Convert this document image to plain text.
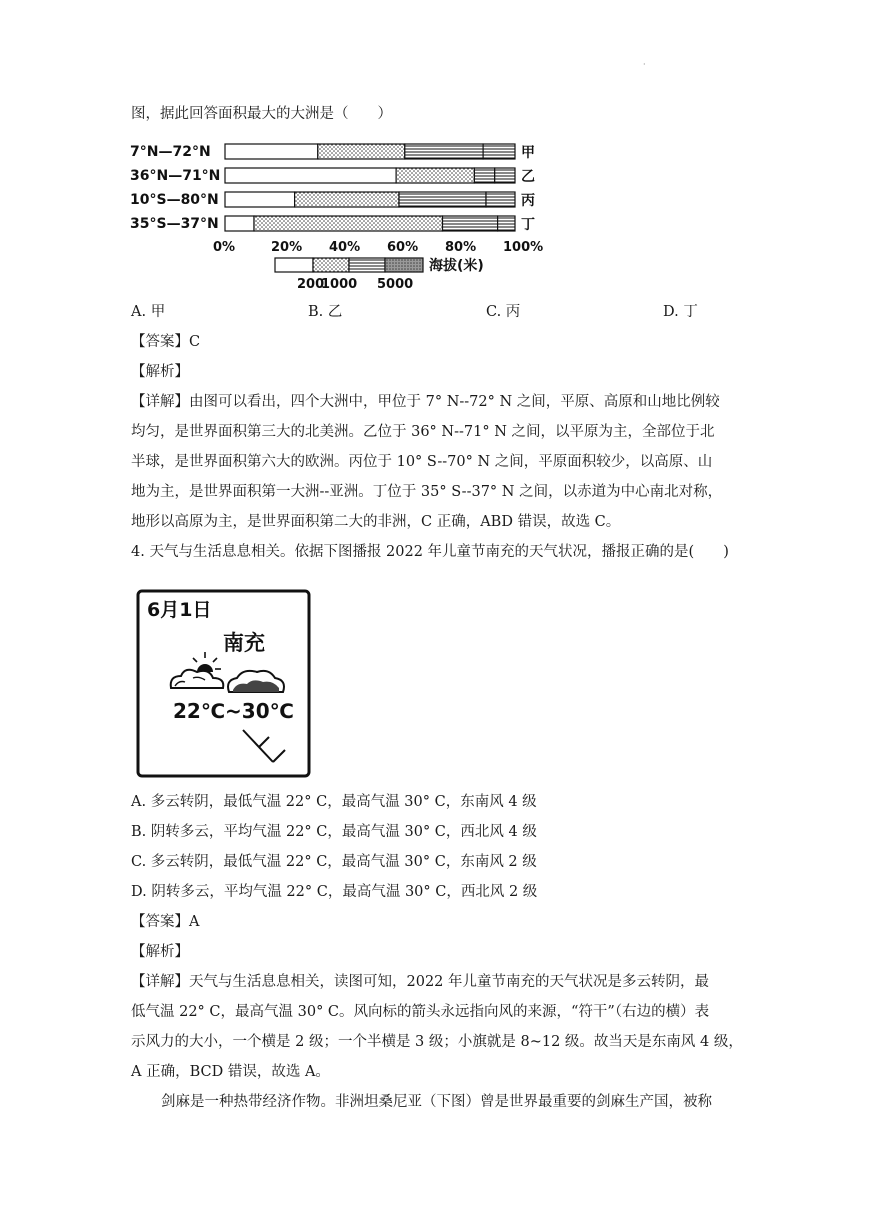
·
图，据此回答面积最大的大洲是（　　）
7°N—72°N	甲
36°N—71°N	乙
10°S—80°N	丙
35°S—37°N	丁
0%	20% 40% 60% 80% 100%
海拔(米)
200
1000 5000
A. 甲	B. 乙	C. 丙	D. 丁
【答案】C
【解析】
【详解】由图可以看出，四个大洲中，甲位于 7° N--72° N 之间，平原、高原和山地比例较
均匀，是世界面积第三大的北美洲。乙位于 36° N--71° N 之间，以平原为主，全部位于北
半球，是世界面积第六大的欧洲。丙位于 10° S--70° N 之间，平原面积较少，以高原、山
地为主，是世界面积第一大洲--亚洲。丁位于 35° S--37° N 之间，以赤道为中心南北对称，
地形以高原为主，是世界面积第二大的非洲，C 正确，ABD 错误，故选 C。
4. 天气与生活息息相关。依据下图播报 2022 年儿童节南充的天气状况，播报正确的是(　　)
6月1日
南充
22℃~30℃
A. 多云转阴，最低气温 22° C，最高气温 30° C，东南风 4 级
B. 阴转多云，平均气温 22° C，最高气温 30° C，西北风 4 级
C. 多云转阴，最低气温 22° C，最高气温 30° C，东南风 2 级
D. 阴转多云，平均气温 22° C，最高气温 30° C，西北风 2 级
【答案】A
【解析】
【详解】天气与生活息息相关，读图可知，2022 年儿童节南充的天气状况是多云转阴，最
低气温 22° C，最高气温 30° C。风向标的箭头永远指向风的来源，“符干”（右边的横）表
示风力的大小，一个横是 2 级；一个半横是 3 级；小旗就是 8~12 级。故当天是东南风 4 级，
A 正确，BCD 错误，故选 A。
剑麻是一种热带经济作物。非洲坦桑尼亚（下图）曾是世界最重要的剑麻生产国，被称
